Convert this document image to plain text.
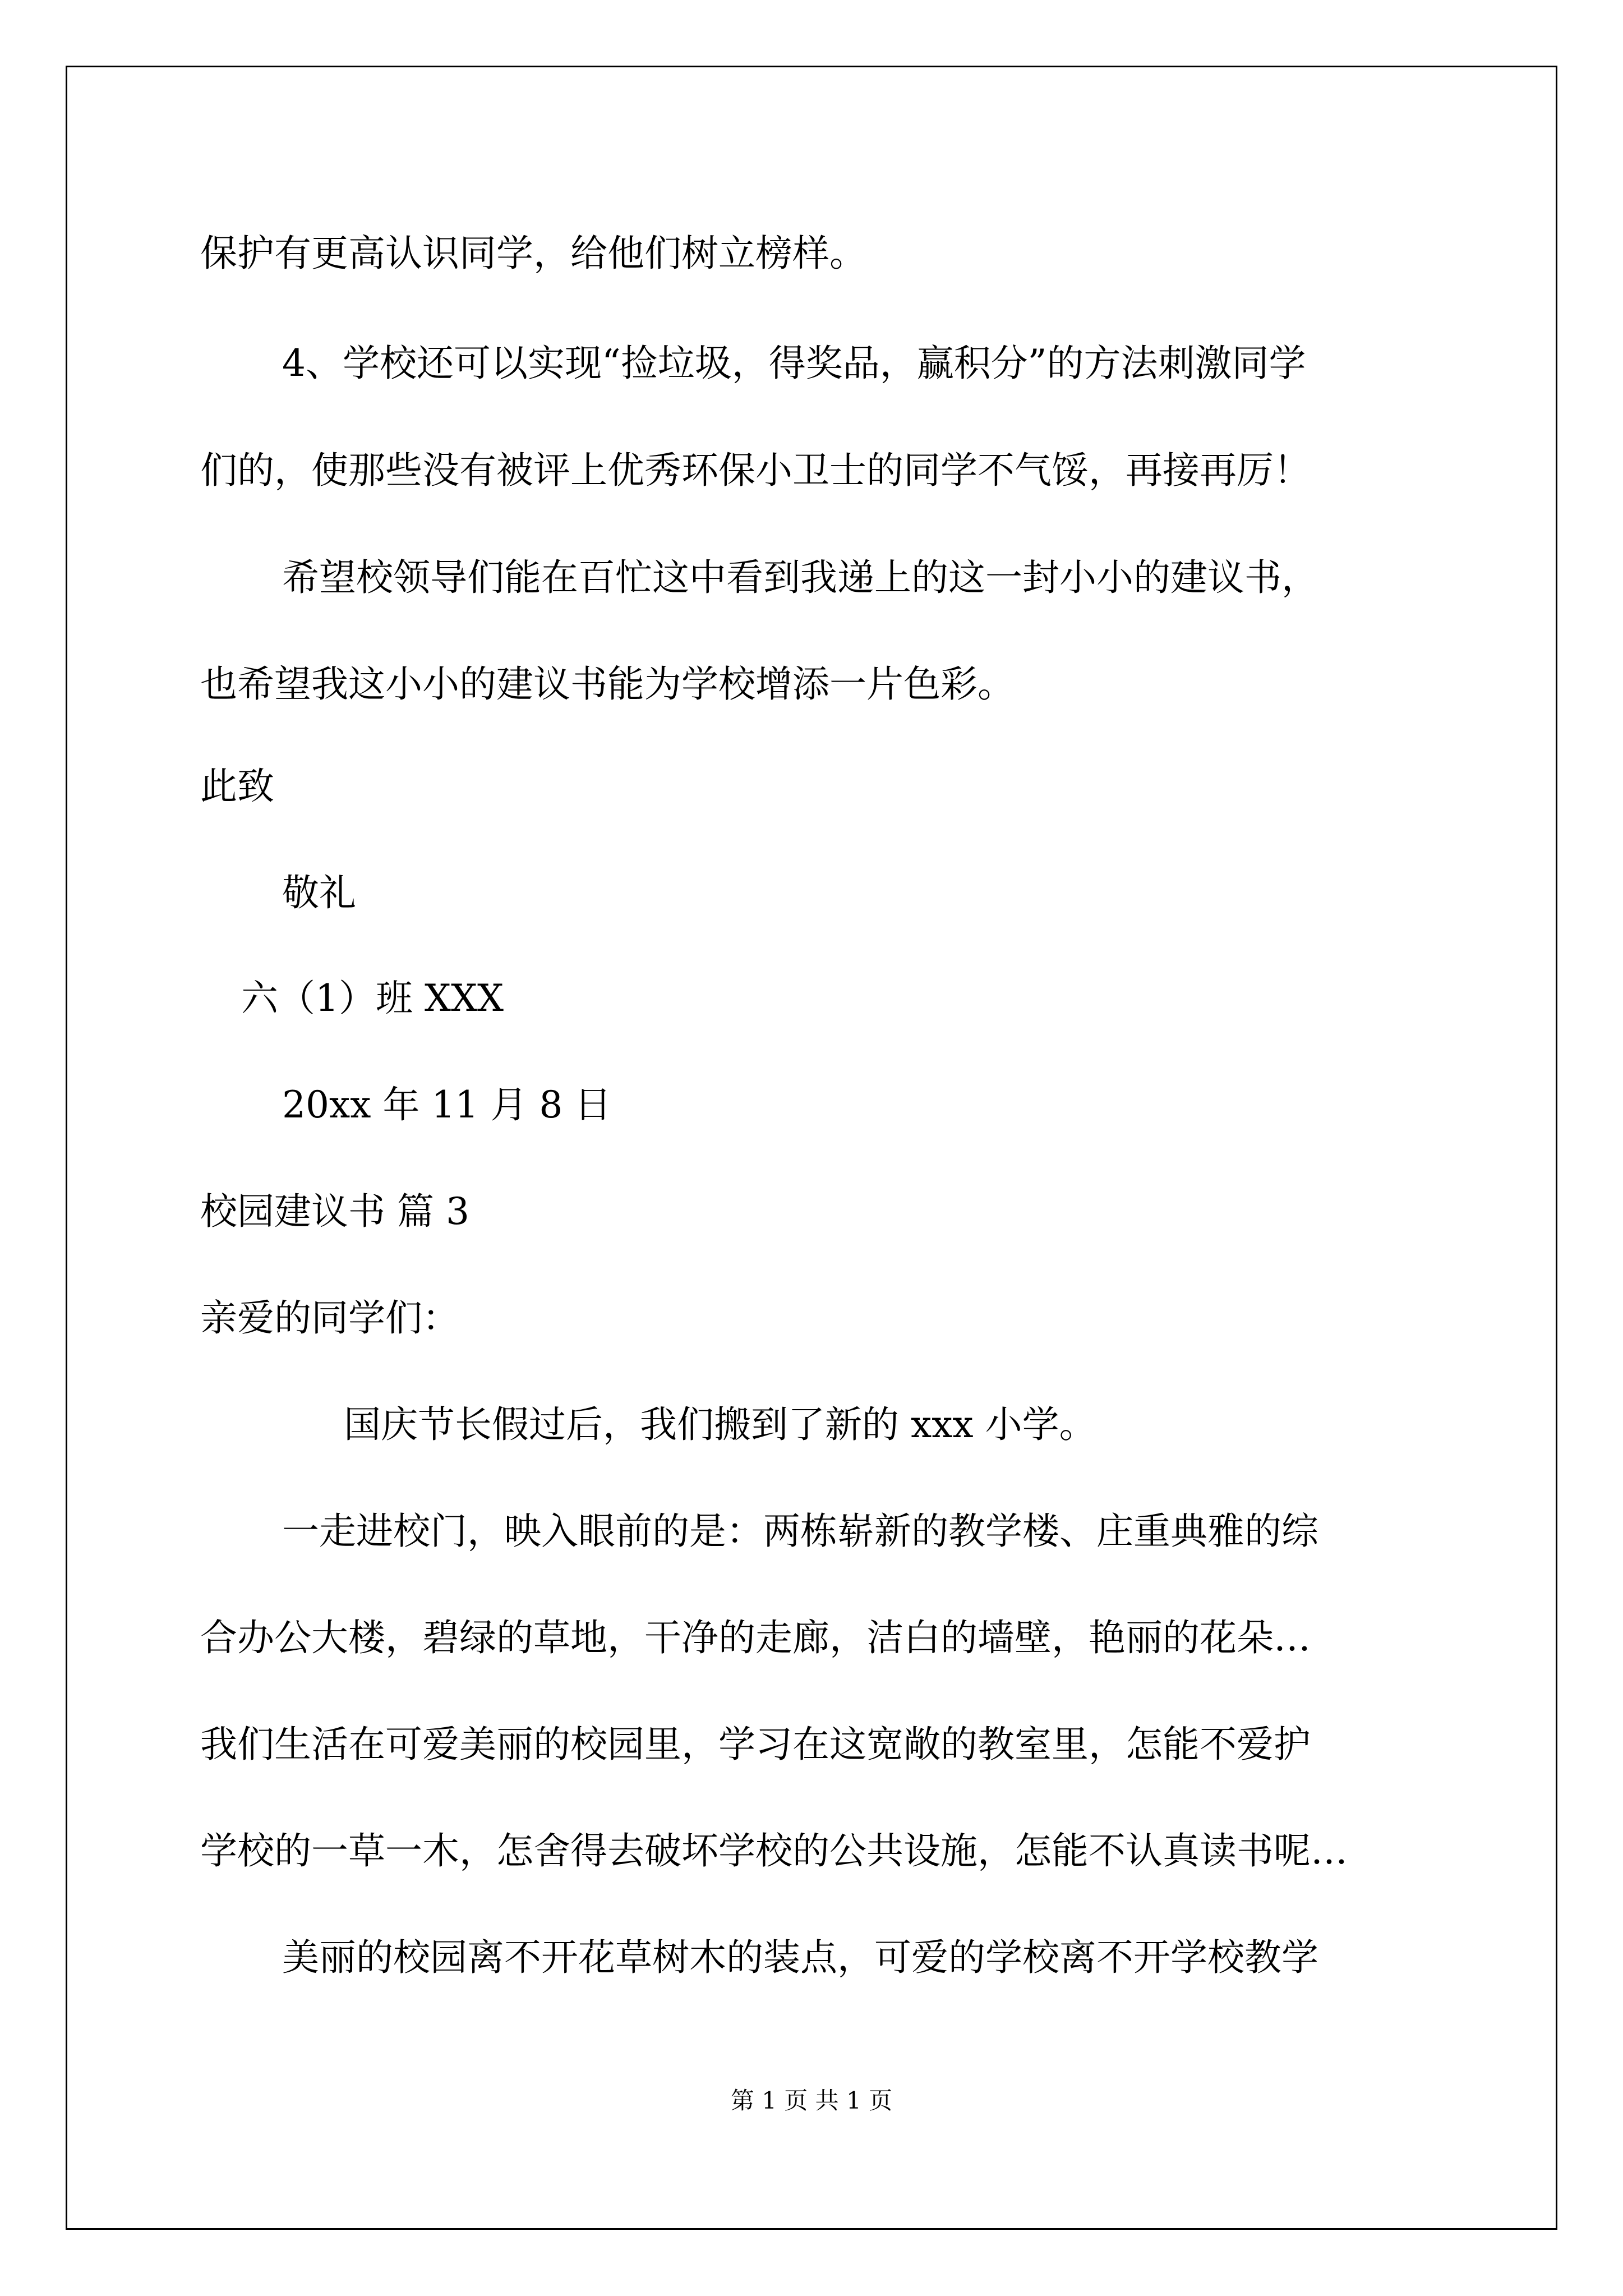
保护有更高认识同学，给他们树立榜样。
4、学校还可以实现“捡垃圾，得奖品，赢积分”的方法刺激同学
们的，使那些没有被评上优秀环保小卫士的同学不气馁，再接再厉！
希望校领导们能在百忙这中看到我递上的这一封小小的建议书，
也希望我这小小的建议书能为学校增添一片色彩。
此致
敬礼
六（1）班 XXX
20xx 年 11 月 8 日
校园建议书 篇 3
亲爱的同学们：
国庆节长假过后，我们搬到了新的 xxx 小学。
一走进校门，映入眼前的是：两栋崭新的教学楼、庄重典雅的综
合办公大楼，碧绿的草地，干净的走廊，洁白的墙壁，艳丽的花朵…
我们生活在可爱美丽的校园里，学习在这宽敞的教室里，怎能不爱护
学校的一草一木，怎舍得去破坏学校的公共设施，怎能不认真读书呢…
美丽的校园离不开花草树木的装点，可爱的学校离不开学校教学
第 1 页 共 1 页
